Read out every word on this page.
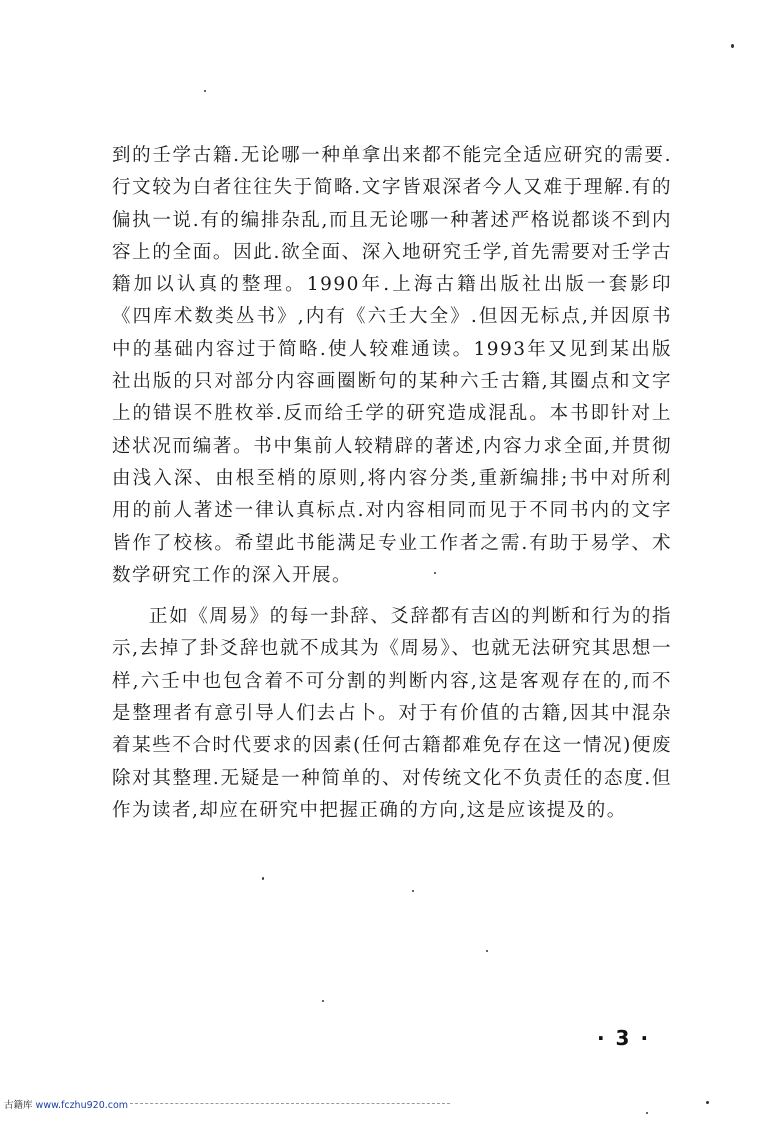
到的壬学古籍.无论哪一种单拿出来都不能完全适应研究的需要.行文较为白者往往失于简略.文字皆艰深者今人又难于理解.有的偏执一说.有的编排杂乱,而且无论哪一种著述严格说都谈不到内容上的全面。因此.欲全面、深入地研究壬学,首先需要对壬学古籍加以认真的整理。1990年.上海古籍出版社出版一套影印《四库术数类丛书》,内有《六壬大全》.但因无标点,并因原书中的基础内容过于简略.使人较难通读。1993年又见到某出版社出版的只对部分内容画圈断句的某种六壬古籍,其圈点和文字上的错误不胜枚举.反而给壬学的研究造成混乱。本书即针对上述状况而编著。书中集前人较精辟的著述,内容力求全面,并贯彻由浅入深、由根至梢的原则,将内容分类,重新编排;书中对所利用的前人著述一律认真标点.对内容相同而见于不同书内的文字皆作了校核。希望此书能满足专业工作者之需.有助于易学、术数学研究工作的深入开展。

正如《周易》的每一卦辞、爻辞都有吉凶的判断和行为的指示,去掉了卦爻辞也就不成其为《周易》、也就无法研究其思想一样,六壬中也包含着不可分割的判断内容,这是客观存在的,而不是整理者有意引导人们去占卜。对于有价值的古籍,因其中混杂着某些不合时代要求的因素(任何古籍都难免存在这一情况)便废除对其整理.无疑是一种简单的、对传统文化不负责任的态度.但作为读者,却应在研究中把握正确的方向,这是应该提及的。

· 3 ·
古籍库 www.fczhu920.com
